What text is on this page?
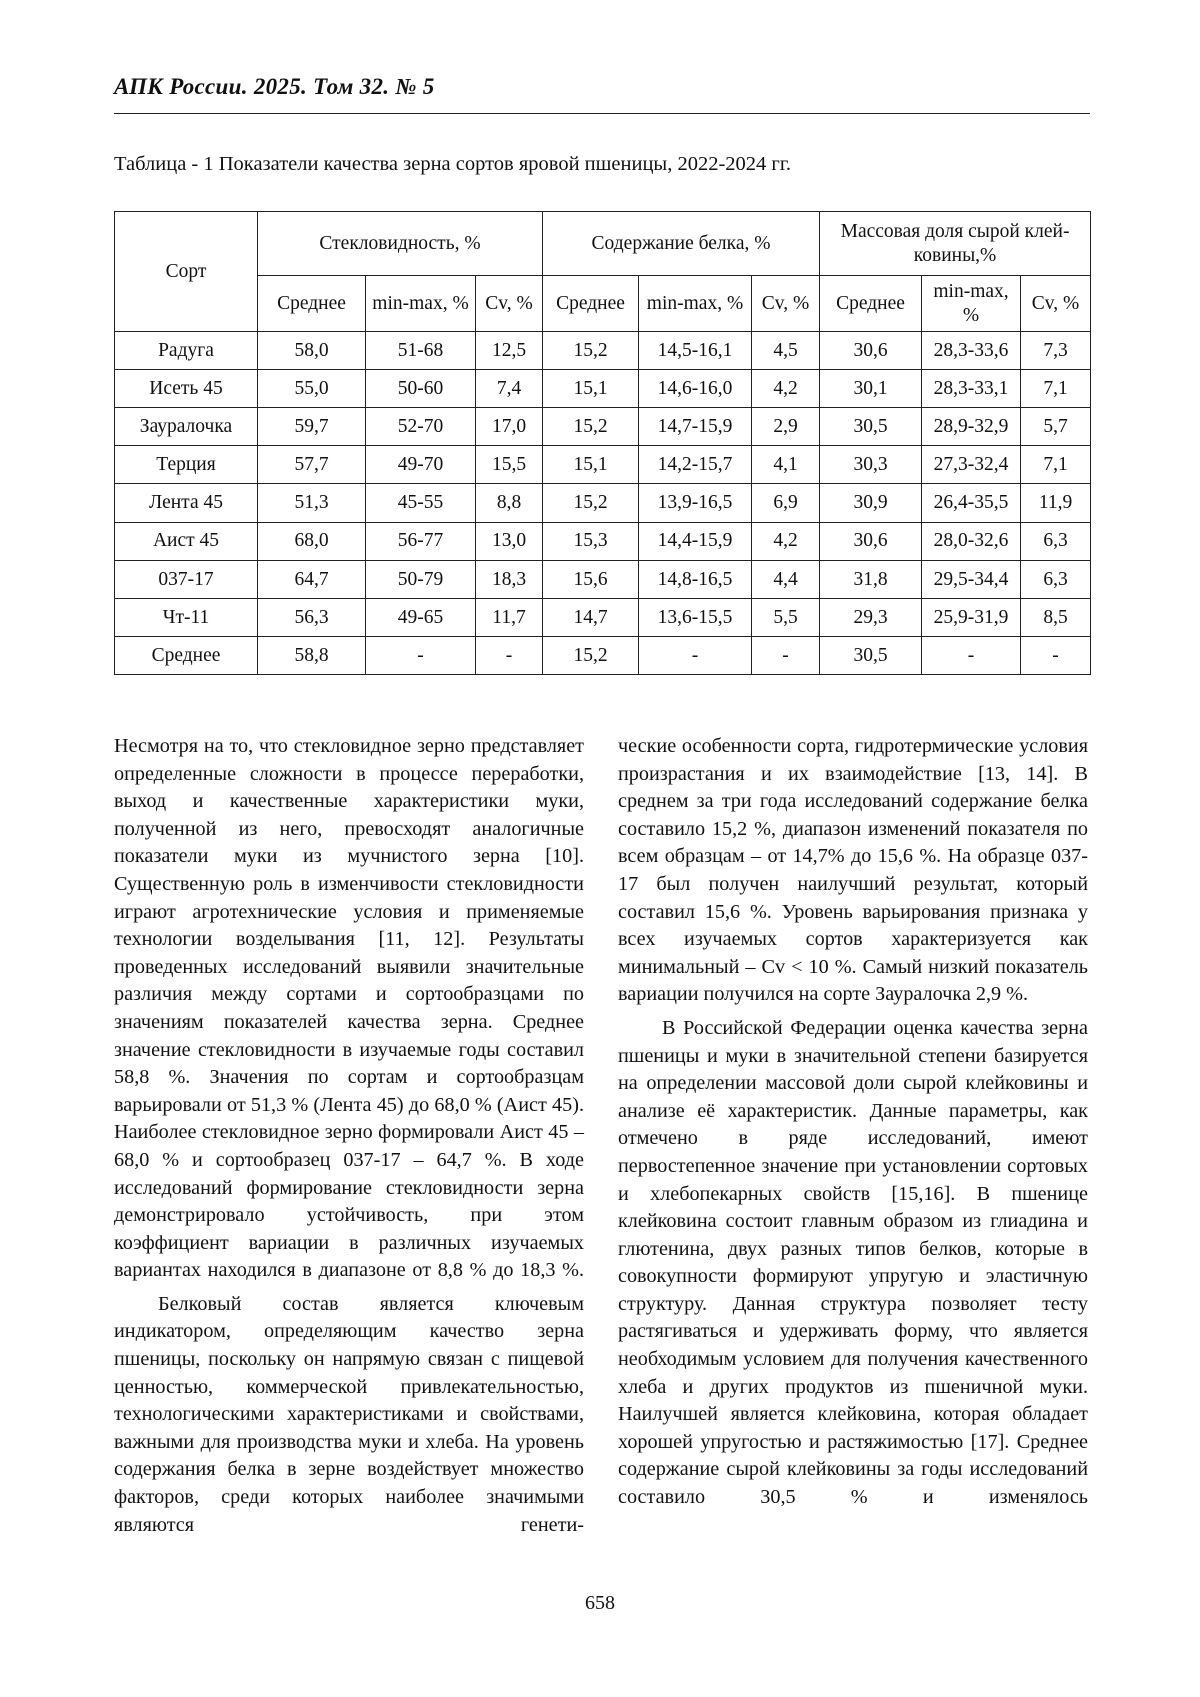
АПК России. 2025. Том 32. № 5
Таблица - 1 Показатели качества зерна сортов яровой пшеницы, 2022-2024 гг.
Сорт	Стекловидность, %			Содержание белка, %			Массовая доля сырой клей-ковины,%		
	Среднее	min-max, %	Cv, %	Среднее	min-max, %	Cv, %	Среднее	min-max, %	Cv, %
Радуга	58,0	51-68	12,5	15,2	14,5-16,1	4,5	30,6	28,3-33,6	7,3
Исеть 45	55,0	50-60	7,4	15,1	14,6-16,0	4,2	30,1	28,3-33,1	7,1
Зауралочка	59,7	52-70	17,0	15,2	14,7-15,9	2,9	30,5	28,9-32,9	5,7
Терция	57,7	49-70	15,5	15,1	14,2-15,7	4,1	30,3	27,3-32,4	7,1
Лента 45	51,3	45-55	8,8	15,2	13,9-16,5	6,9	30,9	26,4-35,5	11,9
Аист 45	68,0	56-77	13,0	15,3	14,4-15,9	4,2	30,6	28,0-32,6	6,3
037-17	64,7	50-79	18,3	15,6	14,8-16,5	4,4	31,8	29,5-34,4	6,3
Чт-11	56,3	49-65	11,7	14,7	13,6-15,5	5,5	29,3	25,9-31,9	8,5
Среднее	58,8	-	-	15,2	-	-	30,5	-	-

Несмотря на то, что стекловидное зерно представляет определенные сложности в процессе переработки, выход и качественные характеристики муки, полученной из него, превосходят аналогичные показатели муки из мучнистого зерна [10]. Существенную роль в изменчивости стекловидности играют агротехнические условия и применяемые технологии возделывания [11, 12]. Результаты проведенных исследований выявили значительные различия между сортами и сортообразцами по значениям показателей качества зерна. Среднее значение стекловидности в изучаемые годы составил 58,8 %. Значения по сортам и сортообразцам варьировали от 51,3 % (Лента 45) до 68,0 % (Аист 45). Наиболее стекловидное зерно формировали Аист 45 – 68,0 % и сортообразец 037-17 – 64,7 %. В ходе исследований формирование стекловидности зерна демонстрировало устойчивость, при этом коэффициент вариации в различных изучаемых вариантах находился в диапазоне от 8,8 % до 18,3 %.

Белковый состав является ключевым индикатором, определяющим качество зерна пшеницы, поскольку он напрямую связан с пищевой ценностью, коммерческой привлекательностью, технологическими характеристиками и свойствами, важными для производства муки и хлеба. На уровень содержания белка в зерне воздействует множество факторов, среди которых наиболее значимыми являются генети-

ческие особенности сорта, гидротермические условия произрастания и их взаимодействие [13, 14]. В среднем за три года исследований содержание белка составило 15,2 %, диапазон изменений показателя по всем образцам – от 14,7% до 15,6 %. На образце 037-17 был получен наилучший результат, который составил 15,6 %. Уровень варьирования признака у всех изучаемых сортов характеризуется как минимальный – Cv < 10 %. Самый низкий показатель вариации получился на сорте Зауралочка 2,9 %.

В Российской Федерации оценка качества зерна пшеницы и муки в значительной степени базируется на определении массовой доли сырой клейковины и анализе её характеристик. Данные параметры, как отмечено в ряде исследований, имеют первостепенное значение при установлении сортовых и хлебопекарных свойств [15,16]. В пшенице клейковина состоит главным образом из глиадина и глютенина, двух разных типов белков, которые в совокупности формируют упругую и эластичную структуру. Данная структура позволяет тесту растягиваться и удерживать форму, что является необходимым условием для получения качественного хлеба и других продуктов из пшеничной муки. Наилучшей является клейковина, которая обладает хорошей упругостью и растяжимостью [17]. Среднее содержание сырой клейковины за годы исследований составило 30,5 % и изменялось

658
